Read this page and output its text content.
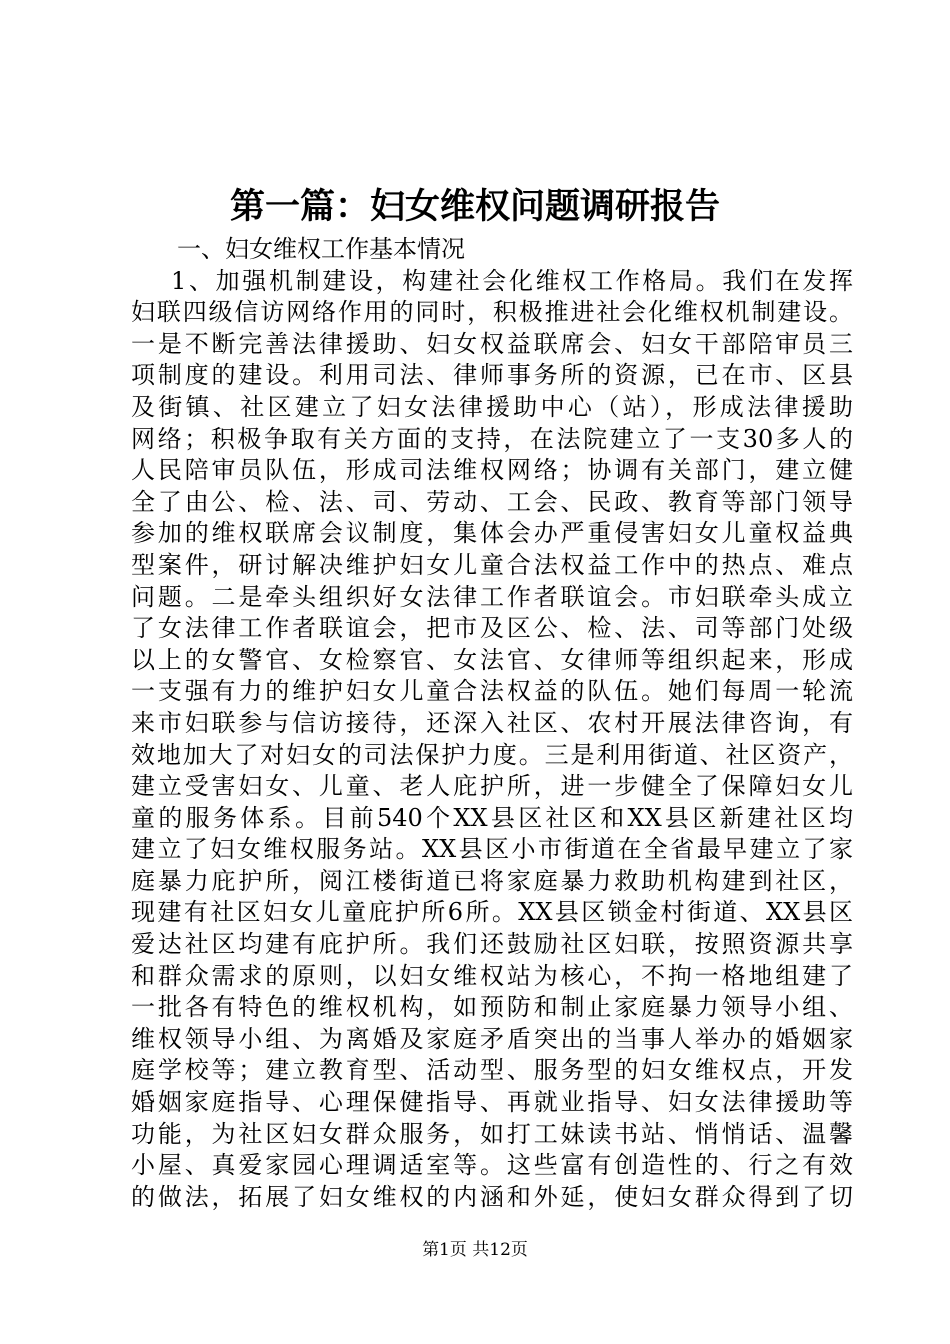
第一篇：妇女维权问题调研报告
一、妇女维权工作基本情况
1、加强机制建设，构建社会化维权工作格局。我们在发挥
妇联四级信访网络作用的同时，积极推进社会化维权机制建设。
一是不断完善法律援助、妇女权益联席会、妇女干部陪审员三
项制度的建设。利用司法、律师事务所的资源，已在市、区县
及街镇、社区建立了妇女法律援助中心（站），形成法律援助
网络；积极争取有关方面的支持，在法院建立了一支30多人的
人民陪审员队伍，形成司法维权网络；协调有关部门，建立健
全了由公、检、法、司、劳动、工会、民政、教育等部门领导
参加的维权联席会议制度，集体会办严重侵害妇女儿童权益典
型案件，研讨解决维护妇女儿童合法权益工作中的热点、难点
问题。二是牵头组织好女法律工作者联谊会。市妇联牵头成立
了女法律工作者联谊会，把市及区公、检、法、司等部门处级
以上的女警官、女检察官、女法官、女律师等组织起来，形成
一支强有力的维护妇女儿童合法权益的队伍。她们每周一轮流
来市妇联参与信访接待，还深入社区、农村开展法律咨询，有
效地加大了对妇女的司法保护力度。三是利用街道、社区资产，
建立受害妇女、儿童、老人庇护所，进一步健全了保障妇女儿
童的服务体系。目前540个XX县区社区和XX县区新建社区均
建立了妇女维权服务站。XX县区小市街道在全省最早建立了家
庭暴力庇护所，阅江楼街道已将家庭暴力救助机构建到社区，
现建有社区妇女儿童庇护所6所。XX县区锁金村街道、XX县区
爱达社区均建有庇护所。我们还鼓励社区妇联，按照资源共享
和群众需求的原则，以妇女维权站为核心，不拘一格地组建了
一批各有特色的维权机构，如预防和制止家庭暴力领导小组、
维权领导小组、为离婚及家庭矛盾突出的当事人举办的婚姻家
庭学校等；建立教育型、活动型、服务型的妇女维权点，开发
婚姻家庭指导、心理保健指导、再就业指导、妇女法律援助等
功能，为社区妇女群众服务，如打工妹读书站、悄悄话、温馨
小屋、真爱家园心理调适室等。这些富有创造性的、行之有效
的做法，拓展了妇女维权的内涵和外延，使妇女群众得到了切
第1页 共12页
